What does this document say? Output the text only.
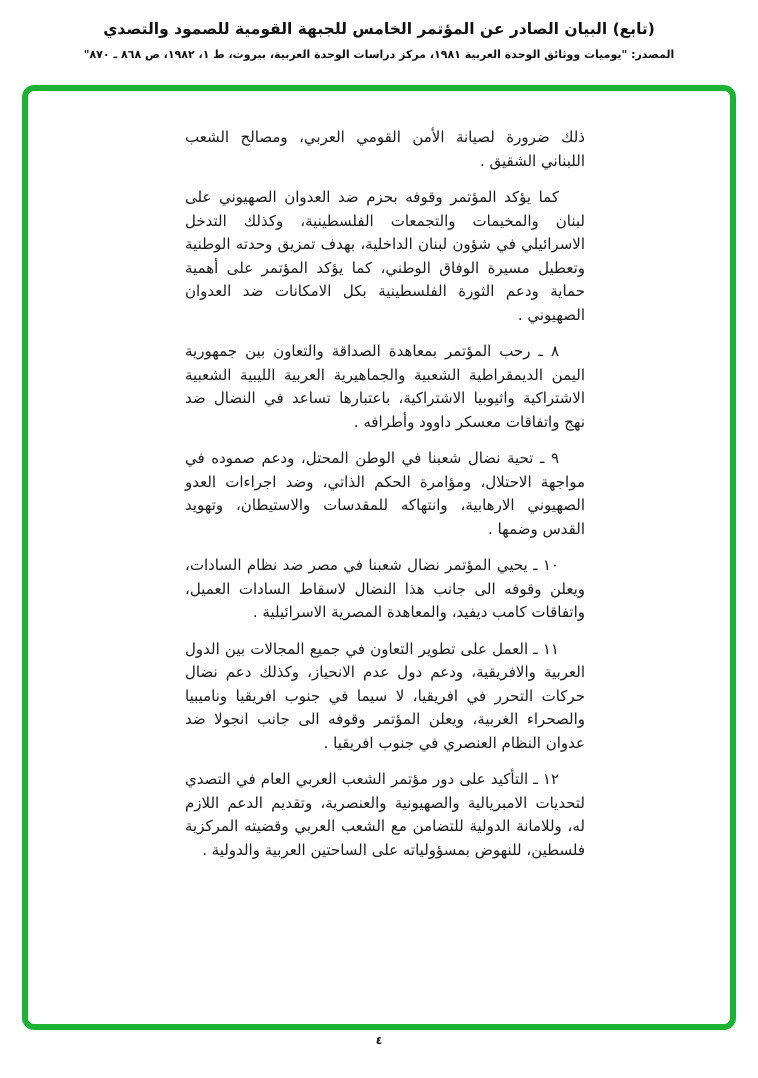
(تابع) البيان الصادر عن المؤتمر الخامس للجبهة القومية للصمود والتصدي
المصدر: "يوميات ووثائق الوحدة العربية ١٩٨١، مركز دراسات الوحدة العربية، بيروت، ط ١، ١٩٨٢، ص ٨٦٨ ـ ٨٧٠"

ذلك ضرورة لصيانة الأمن القومي العربي، ومصالح الشعب اللبناني الشقيق .

كما يؤكد المؤتمر وقوفه بحزم ضد العدوان الصهيوني على لبنان والمخيمات والتجمعات الفلسطينية، وكذلك التدخل الاسرائيلي في شؤون لبنان الداخلية، بهدف تمزيق وحدته الوطنية وتعطيل مسيرة الوفاق الوطني، كما يؤكد المؤتمر على أهمية حماية ودعم الثورة الفلسطينية بكل الامكانات ضد العدوان الصهيوني .

٨ ـ رحب المؤتمر بمعاهدة الصداقة والتعاون بين جمهورية اليمن الديمقراطية الشعبية والجماهيرية العربية الليبية الشعبية الاشتراكية واثيوبيا الاشتراكية، باعتبارها تساعد في النضال ضد نهج واتفاقات معسكر داوود وأطرافه .

٩ ـ تحية نضال شعبنا في الوطن المحتل، ودعم صموده في مواجهة الاحتلال، ومؤامرة الحكم الذاتي، وضد اجراءات العدو الصهيوني الارهابية، وانتهاكه للمقدسات والاستيطان، وتهويد القدس وضمها .

١٠ ـ يحيي المؤتمر نضال شعبنا في مصر ضد نظام السادات، ويعلن وقوفه الى جانب هذا النضال لاسقاط السادات العميل، واتفاقات كامب ديفيد، والمعاهدة المصرية الاسرائيلية .

١١ ـ العمل على تطوير التعاون في جميع المجالات بين الدول العربية والافريقية، ودعم دول عدم الانحياز، وكذلك دعم نضال حركات التحرر في افريقيا، لا سيما في جنوب افريقيا وناميبيا والصحراء الغربية، ويعلن المؤتمر وقوفه الى جانب انجولا ضد عدوان النظام العنصري في جنوب افريقيا .

١٢ ـ التأكيد على دور مؤتمر الشعب العربي العام في التصدي لتحديات الامبريالية والصهيونية والعنصرية، وتقديم الدعم اللازم له، وللامانة الدولية للتضامن مع الشعب العربي وقضيته المركزية فلسطين، للنهوض بمسؤولياته على الساحتين العربية والدولية .

٤
